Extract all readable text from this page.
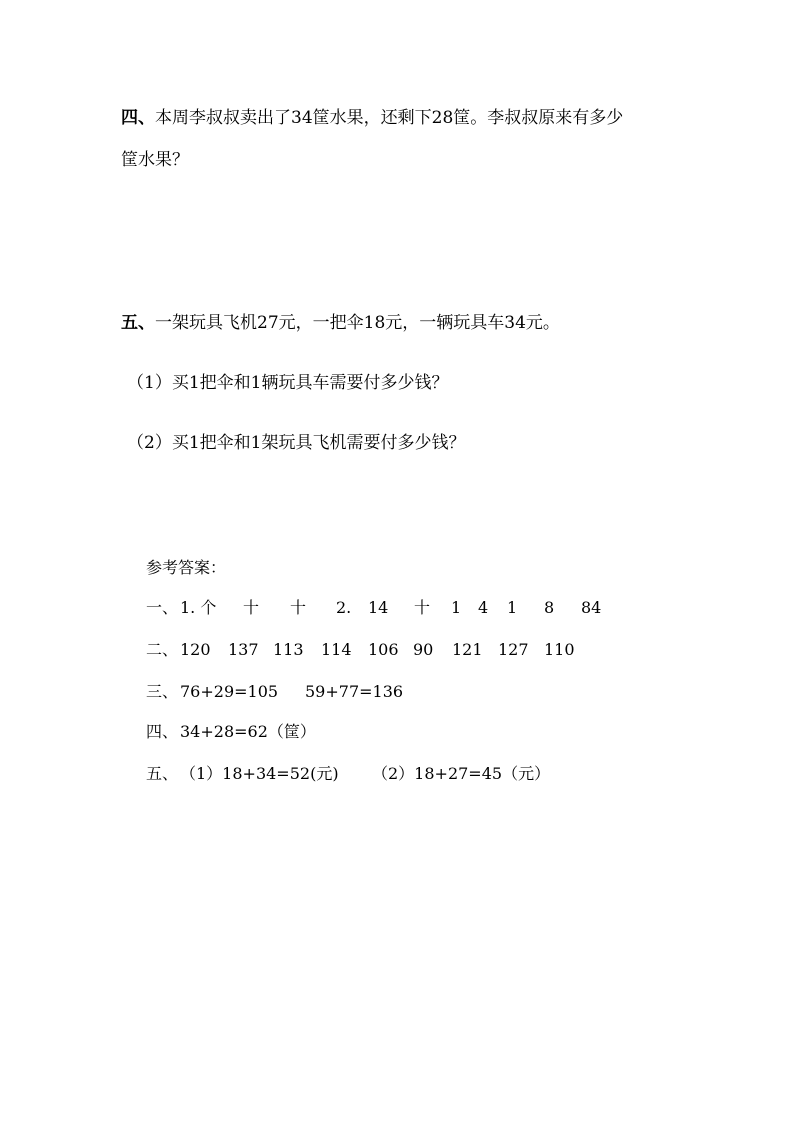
四、本周李叔叔卖出了34筐水果，还剩下28筐。李叔叔原来有多少
筐水果？
五、一架玩具飞机27元，一把伞18元，一辆玩具车34元。
（1）买1把伞和1辆玩具车需要付多少钱？
（2）买1把伞和1架玩具飞机需要付多少钱？
参考答案：
一、 1. 个 十 十 2. 14 十 1 4 1 8 84
二、 120 137 113 114 106 90 121 127 110
三、 76+29=105 59+77=136
四、 34+28=62（筐）
五、 （1）18+34=52(元) （2）18+27=45（元）
